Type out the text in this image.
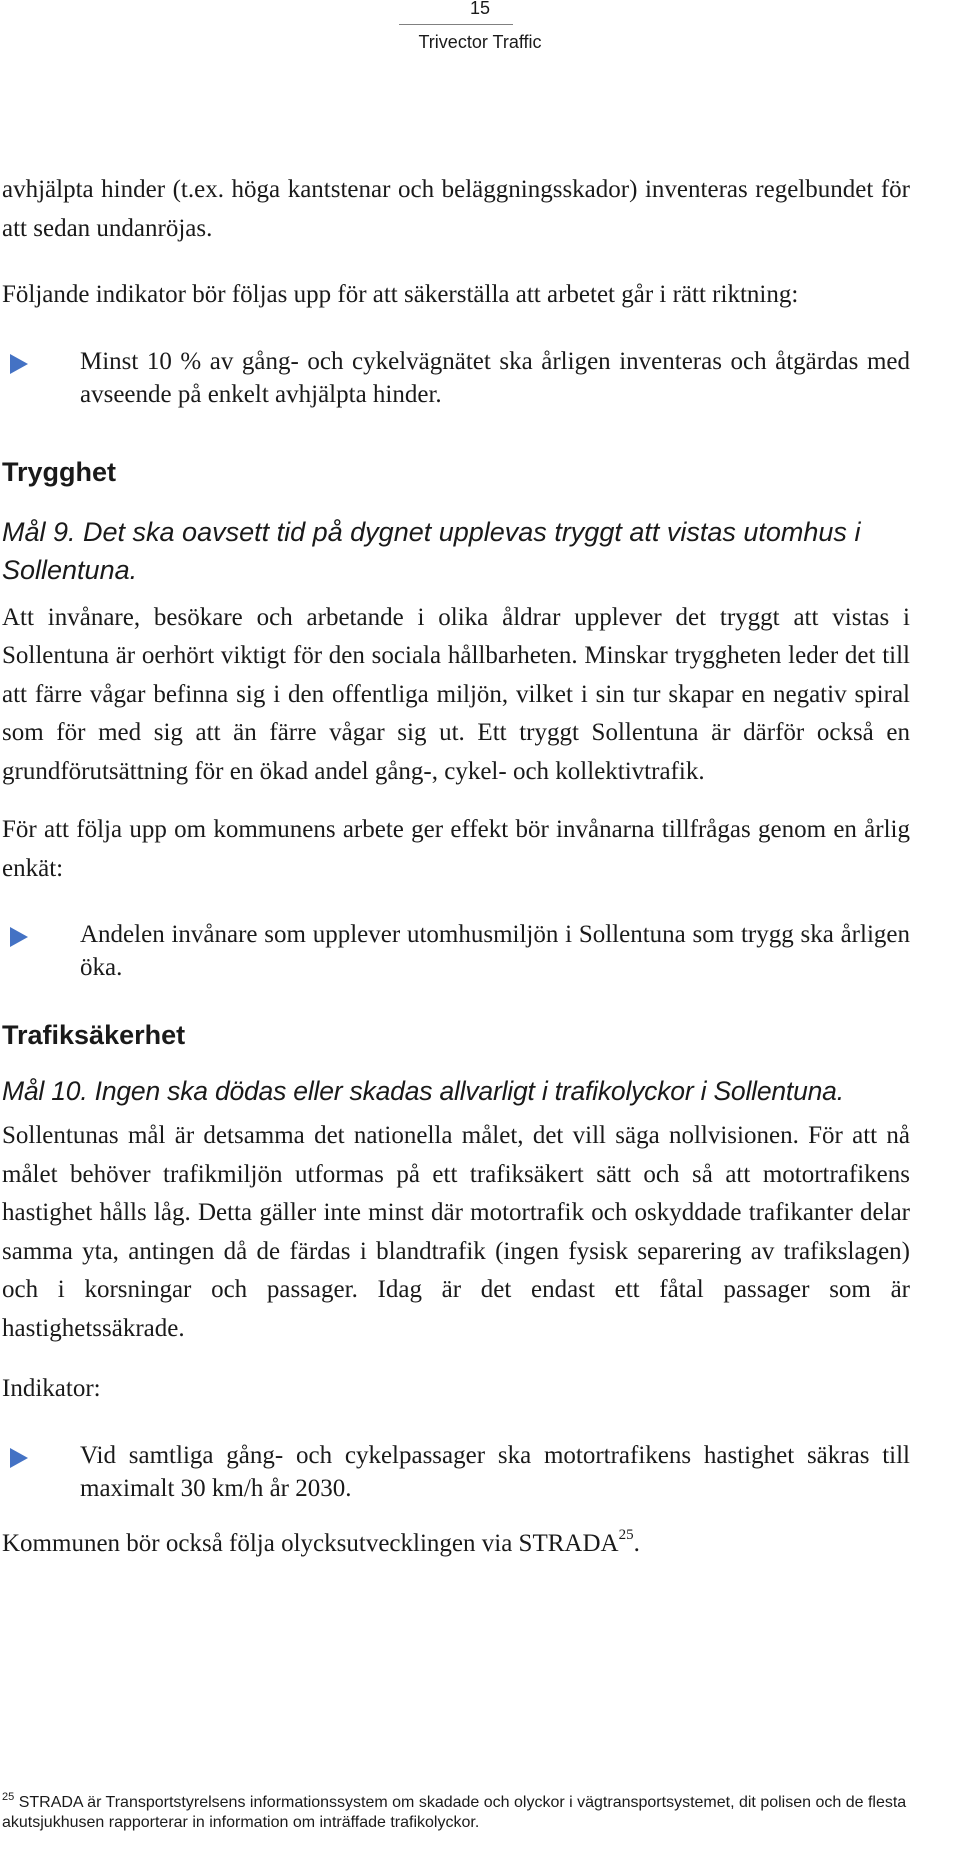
15
Trivector Traffic

avhjälpta hinder (t.ex. höga kantstenar och beläggningsskador) inventeras regelbundet för att sedan undanröjas.

Följande indikator bör följas upp för att säkerställa att arbetet går i rätt riktning:

Minst 10 % av gång- och cykelvägnätet ska årligen inventeras och åtgärdas med avseende på enkelt avhjälpta hinder.

Trygghet

Mål 9. Det ska oavsett tid på dygnet upplevas tryggt att vistas utomhus i Sollentuna.

Att invånare, besökare och arbetande i olika åldrar upplever det tryggt att vistas i Sollentuna är oerhört viktigt för den sociala hållbarheten. Minskar tryggheten leder det till att färre vågar befinna sig i den offentliga miljön, vilket i sin tur skapar en negativ spiral som för med sig att än färre vågar sig ut. Ett tryggt Sollentuna är därför också en grundförutsättning för en ökad andel gång-, cykel- och kollektivtrafik.

För att följa upp om kommunens arbete ger effekt bör invånarna tillfrågas genom en årlig enkät:

Andelen invånare som upplever utomhusmiljön i Sollentuna som trygg ska årligen öka.

Trafiksäkerhet

Mål 10. Ingen ska dödas eller skadas allvarligt i trafikolyckor i Sollentuna.

Sollentunas mål är detsamma det nationella målet, det vill säga nollvisionen. För att nå målet behöver trafikmiljön utformas på ett trafiksäkert sätt och så att motortrafikens hastighet hålls låg. Detta gäller inte minst där motortrafik och oskyddade trafikanter delar samma yta, antingen då de färdas i blandtrafik (ingen fysisk separering av trafikslagen) och i korsningar och passager. Idag är det endast ett fåtal passager som är hastighetssäkrade.

Indikator:

Vid samtliga gång- och cykelpassager ska motortrafikens hastighet säkras till maximalt 30 km/h år 2030.

Kommunen bör också följa olycksutvecklingen via STRADA$^{25}$.

$^{25}$ STRADA är Transportstyrelsens informationssystem om skadade och olyckor i vägtransportsystemet, dit polisen och de flesta akutsjukhusen rapporterar in information om inträffade trafikolyckor.
